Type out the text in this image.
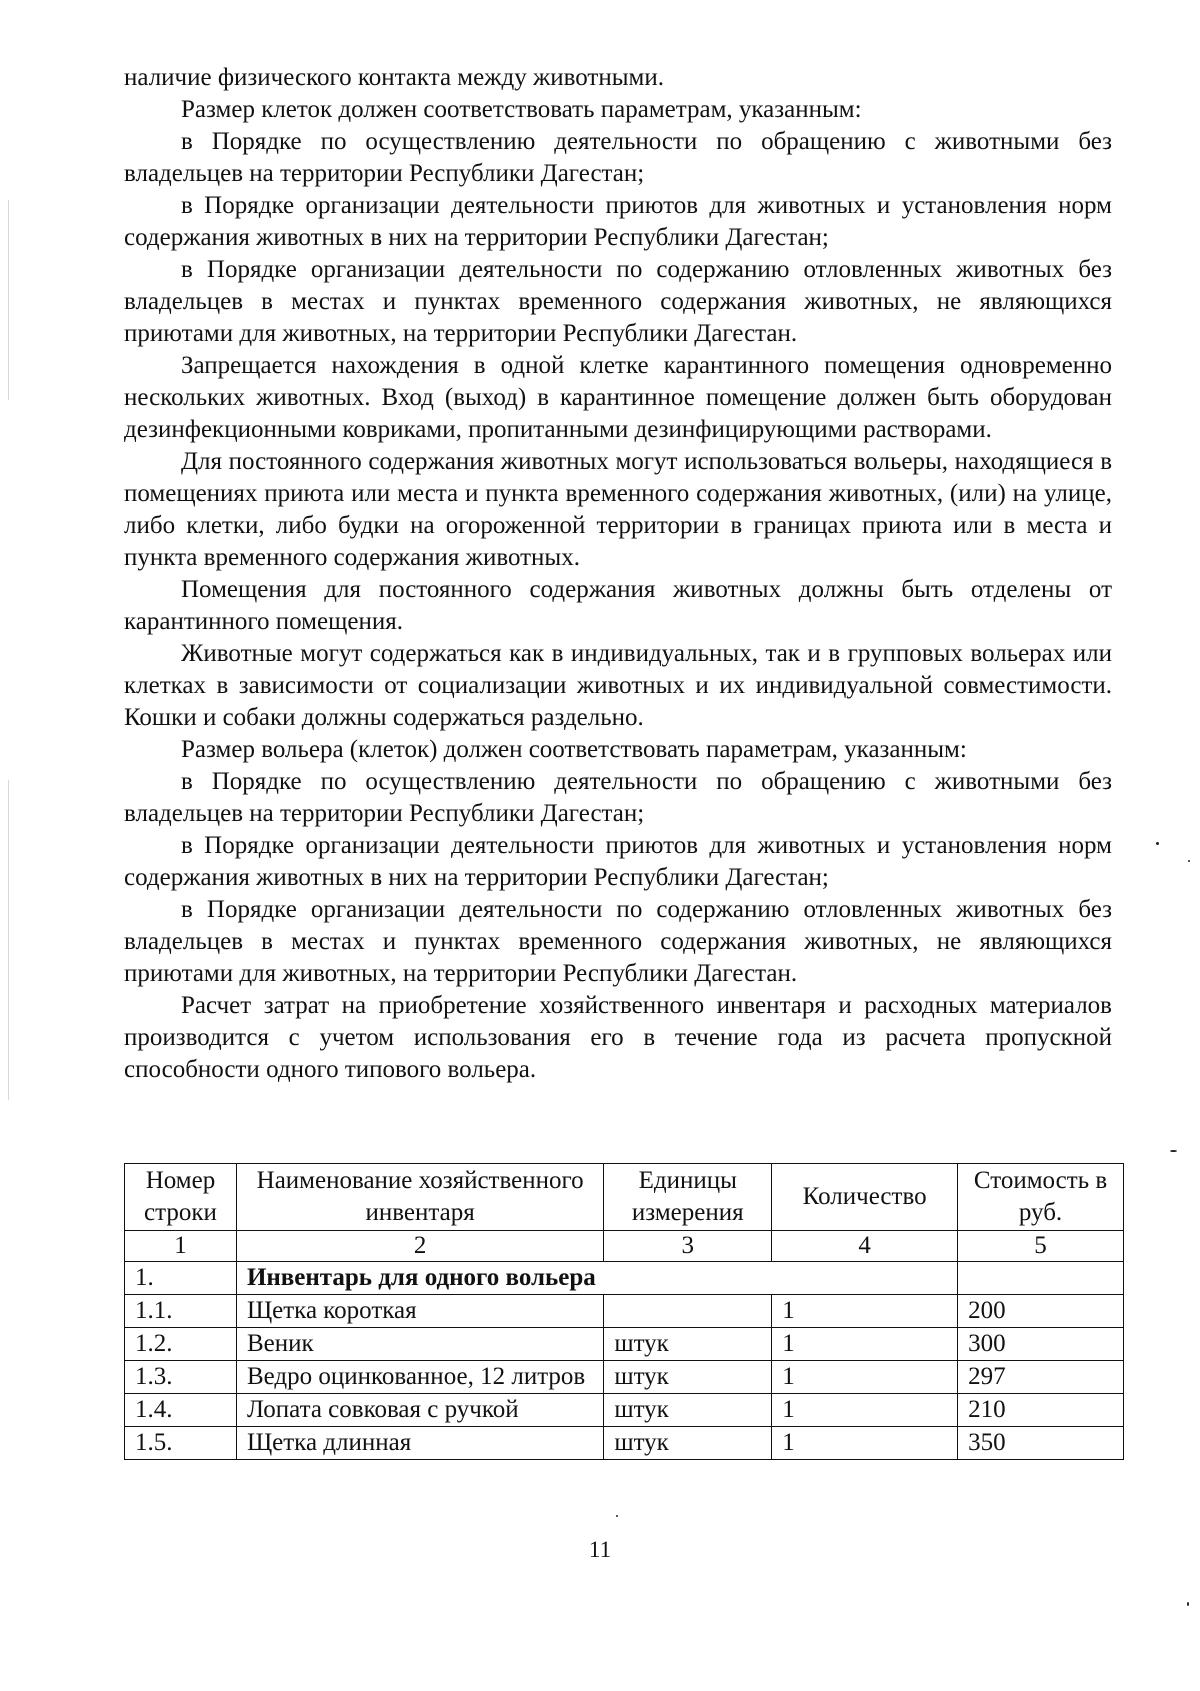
наличие физического контакта между животными.

Размер клеток должен соответствовать параметрам, указанным:

в Порядке по осуществлению деятельности по обращению с животными без владельцев на территории Республики Дагестан;

в Порядке организации деятельности приютов для животных и установления норм содержания животных в них на территории Республики Дагестан;

в Порядке организации деятельности по содержанию отловленных животных без владельцев в местах и пунктах временного содержания животных, не являющихся приютами для животных, на территории Республики Дагестан.

Запрещается нахождения в одной клетке карантинного помещения одновременно нескольких животных. Вход (выход) в карантинное помещение должен быть оборудован дезинфекционными ковриками, пропитанными дезинфицирующими растворами.

Для постоянного содержания животных могут использоваться вольеры, находящиеся в помещениях приюта или места и пункта временного содержания животных, (или) на улице, либо клетки, либо будки на огороженной территории в границах приюта или в места и пункта временного содержания животных.

Помещения для постоянного содержания животных должны быть отделены от карантинного помещения.

Животные могут содержаться как в индивидуальных, так и в групповых вольерах или клетках в зависимости от социализации животных и их индивидуальной совместимости. Кошки и собаки должны содержаться раздельно.

Размер вольера (клеток) должен соответствовать параметрам, указанным:

в Порядке по осуществлению деятельности по обращению с животными без владельцев на территории Республики Дагестан;

в Порядке организации деятельности приютов для животных и установления норм содержания животных в них на территории Республики Дагестан;

в Порядке организации деятельности по содержанию отловленных животных без владельцев в местах и пунктах временного содержания животных, не являющихся приютами для животных, на территории Республики Дагестан.

Расчет затрат на приобретение хозяйственного инвентаря и расходных материалов производится с учетом использования его в течение года из расчета пропускной способности одного типового вольера.

Номер строки	Наименование хозяйственного инвентаря	Единицы измерения	Количество	Стоимость в руб.
1	2	3	4	5
1.	Инвентарь для одного вольера			
1.1.	Щетка короткая		1	200
1.2.	Веник	штук	1	300
1.3.	Ведро оцинкованное, 12 литров	штук	1	297
1.4.	Лопата совковая с ручкой	штук	1	210
1.5.	Щетка длинная	штук	1	350
11
